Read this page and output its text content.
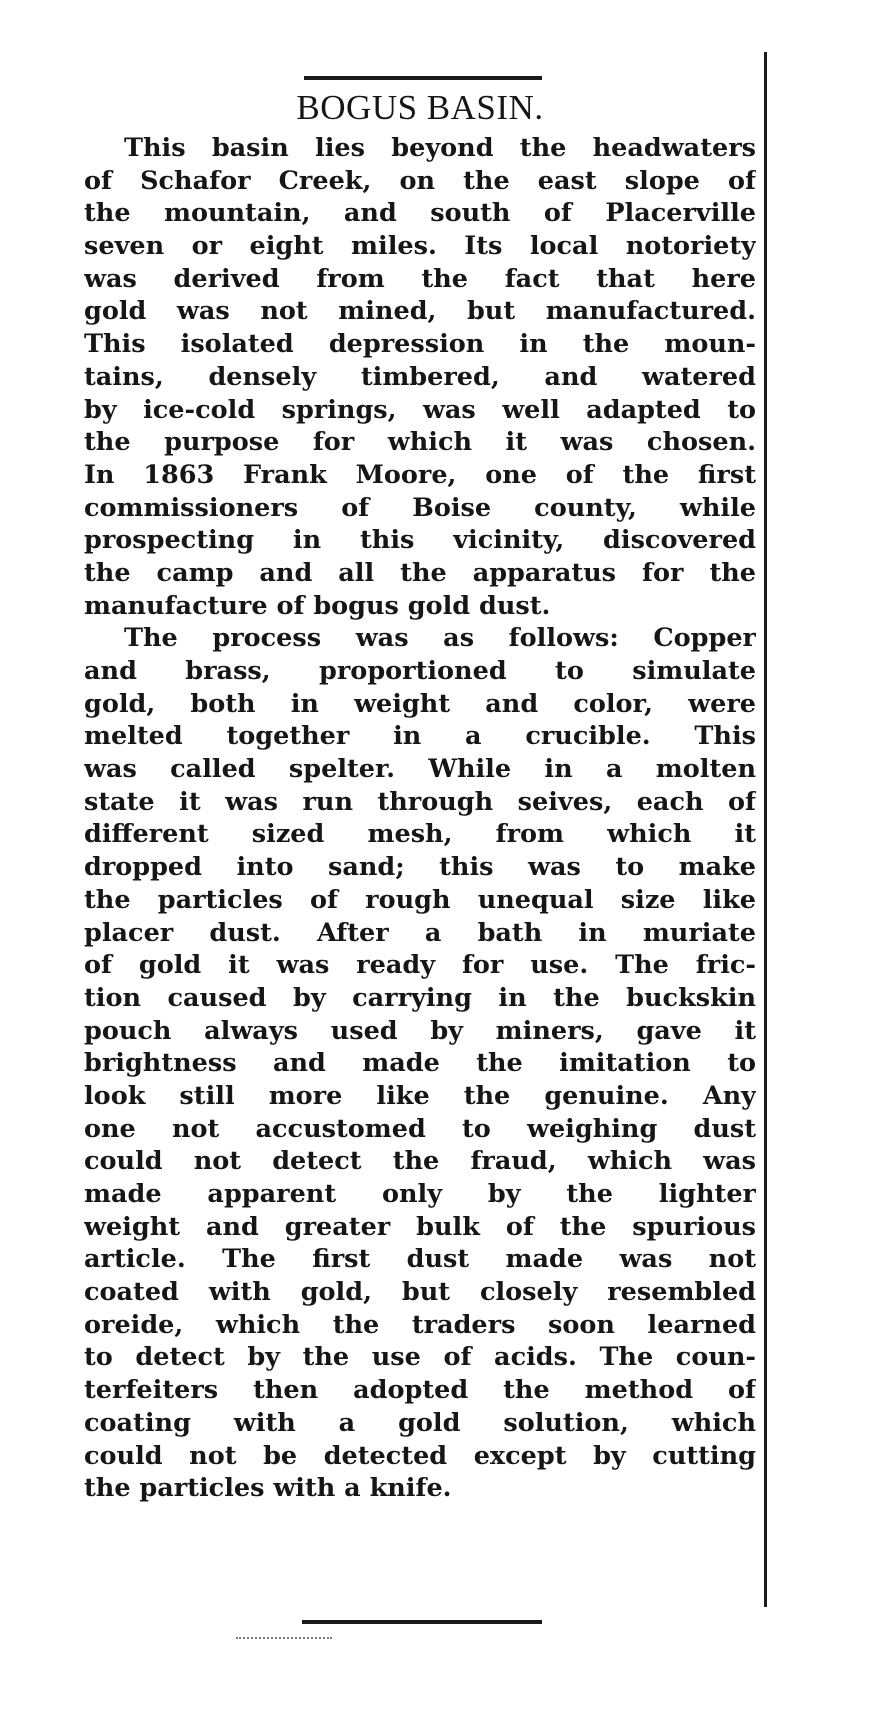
BOGUS BASIN.
This basin lies beyond the headwaters
of Schafor Creek, on the east slope of
the mountain, and south of Placerville
seven or eight miles. Its local notoriety
was derived from the fact that here
gold was not mined, but manufactured.
This isolated depression in the moun-
tains, densely timbered, and watered
by ice-cold springs, was well adapted to
the purpose for which it was chosen.
In 1863 Frank Moore, one of the first
commissioners of Boise county, while
prospecting in this vicinity, discovered
the camp and all the apparatus for the
manufacture of bogus gold dust.
The process was as follows: Copper
and brass, proportioned to simulate
gold, both in weight and color, were
melted together in a crucible. This
was called spelter. While in a molten
state it was run through seives, each of
different sized mesh, from which it
dropped into sand; this was to make
the particles of rough unequal size like
placer dust. After a bath in muriate
of gold it was ready for use. The fric-
tion caused by carrying in the buckskin
pouch always used by miners, gave it
brightness and made the imitation to
look still more like the genuine. Any
one not accustomed to weighing dust
could not detect the fraud, which was
made apparent only by the lighter
weight and greater bulk of the spurious
article. The first dust made was not
coated with gold, but closely resembled
oreide, which the traders soon learned
to detect by the use of acids. The coun-
terfeiters then adopted the method of
coating with a gold solution, which
could not be detected except by cutting
the particles with a knife.
